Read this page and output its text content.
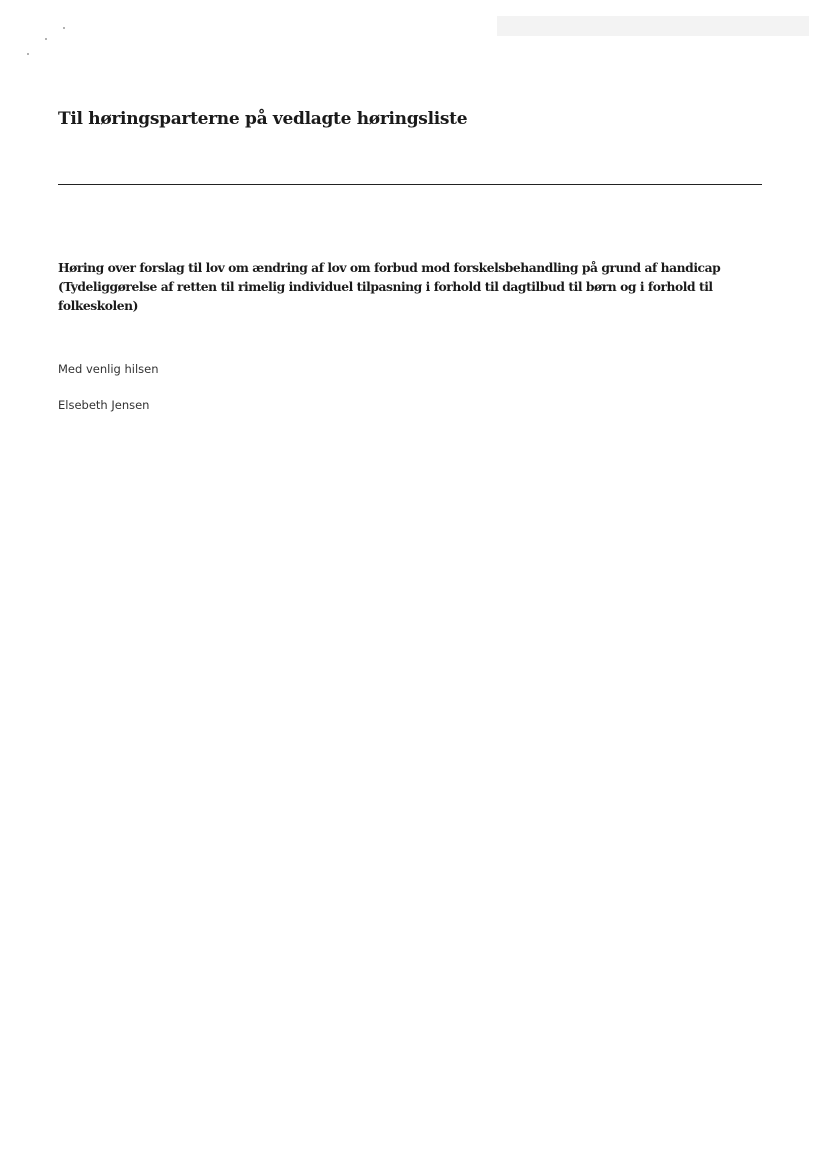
Til høringsparterne på vedlagte høringsliste
Høring over forslag til lov om ændring af lov om forbud mod forskelsbehandling på grund af handicap
(Tydeliggørelse af retten til rimelig individuel tilpasning i forhold til dagtilbud til børn og i forhold til
folkeskolen)

Med venlig hilsen

Elsebeth Jensen
